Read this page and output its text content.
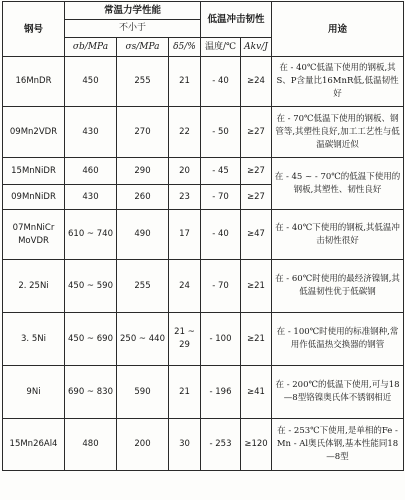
钢号	常温力学性能			低温冲击韧性		用途
	不小于					
	σb/MPa	σs/MPa	δ5/%	温度/℃	Akv/J	
16MnDR	450	255	21	- 40	≥24	在 - 40℃低温下使用的钢板,其S、P含量比16MnR低,低温韧性好
09Mn2VDR	430	270	22	- 50	≥27	在 - 70℃低温下使用的钢板、钢管等,其塑性良好,加工工艺性与低温碳钢近似
15MnNiDR	460	290	20	- 45	≥27	在 - 45 ~ - 70℃的低温下使用的钢板,其塑性、韧性良好
09MnNiDR	430	260	23	- 70	≥27	
07MnNiCr MoVDR	610 ~ 740	490	17	- 40	≥47	在 - 40℃下使用的钢板,其低温冲击韧性很好
2. 25Ni	450 ~ 590	255	24	- 70	≥21	在 - 60℃时使用的最经济镍钢,其低温韧性优于低碳钢
3. 5Ni	450 ~ 690	250 ~ 440	21 ~ 29	- 100	≥21	在 - 100℃时使用的标准钢种,常用作低温热交换器的钢管
9Ni	690 ~ 830	590	21	- 196	≥41	在 - 200℃的低温下使用,可与18—8型铬镍奥氏体不锈钢相近
15Mn26Al4	480	200	30	- 253	≥120	在 - 253℃下使用,是单相的Fe - Mn - Al奥氏体钢,基本性能同18—8型
